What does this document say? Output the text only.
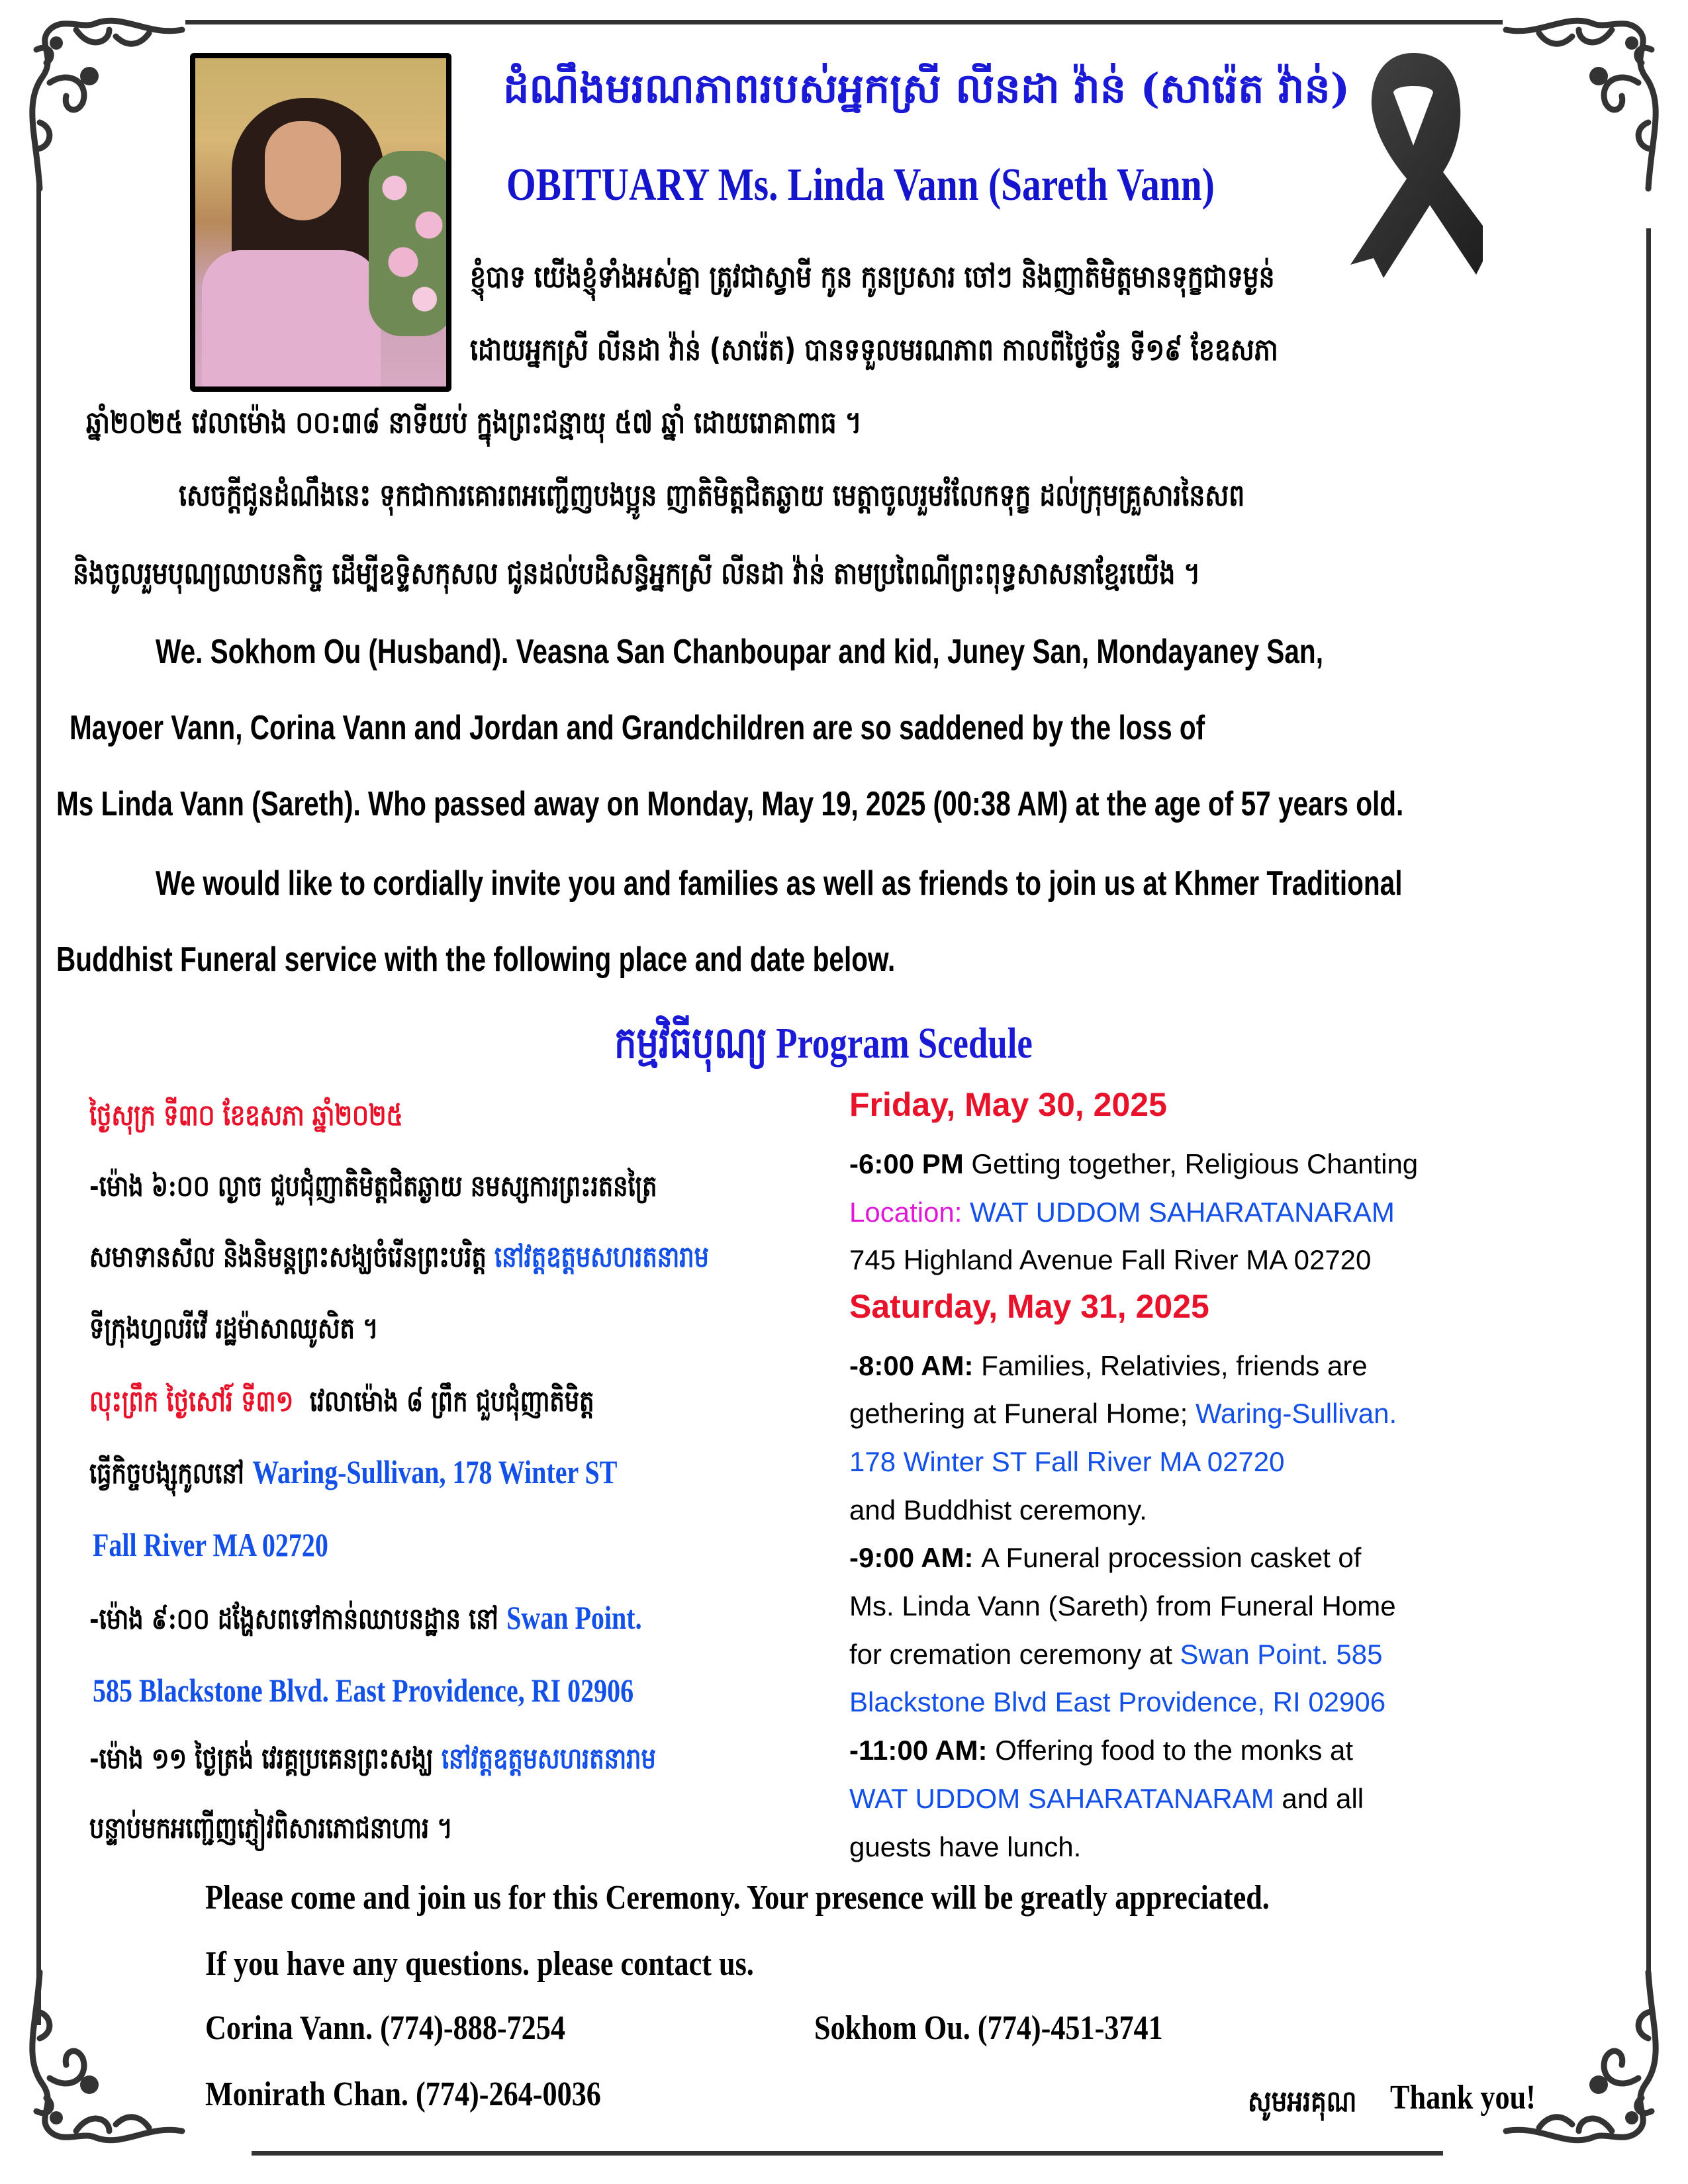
ដំណឹងមរណភាពរបស់អ្នកស្រី លីនដា វ៉ាន់ (សារ៉េត វ៉ាន់)
OBITUARY Ms. Linda Vann (Sareth Vann)
ខ្ញុំបាទ យើងខ្ញុំទាំងអស់គ្នា ត្រូវជាស្វាមី កូន កូនប្រសារ ចៅៗ និងញាតិមិត្តមានទុក្ខជាទម្ងន់
ដោយអ្នកស្រី លីនដា វ៉ាន់ (សារ៉េត) បានទទួលមរណភាព កាលពីថ្ងៃច័ន្ទ ទី១៩ ខែឧសភា
ឆ្នាំ២០២៥ វេលាម៉ោង ០០:៣៨ នាទីយប់ ក្នុងព្រះជន្មាយុ ៥៧ ឆ្នាំ ដោយរោគាពាធ ។
សេចក្តីជូនដំណឹងនេះ ទុកជាការគោរពអញ្ជើញបងប្អូន ញាតិមិត្តជិតឆ្ងាយ មេត្តាចូលរួមរំលែកទុក្ខ ដល់ក្រុមគ្រួសារនៃសព
និងចូលរួមបុណ្យឈាបនកិច្ច ដើម្បីឧទ្ទិសកុសល ជូនដល់បដិសន្ធិអ្នកស្រី លីនដា វ៉ាន់ តាមប្រពៃណីព្រះពុទ្ធសាសនាខ្មែរយើង ។
We. Sokhom Ou (Husband). Veasna San Chanboupar and kid, Juney San, Mondayaney San,
Mayoer Vann, Corina Vann and Jordan and Grandchildren are so saddened by the loss of
Ms Linda Vann (Sareth). Who passed away on Monday, May 19, 2025 (00:38 AM) at the age of 57 years old.
We would like to cordially invite you and families as well as friends to join us at Khmer Traditional
Buddhist Funeral service with the following place and date below.
កម្មវិធីបុណ្យ Program Scedule
ថ្ងៃសុក្រ ទី៣០ ខែឧសភា ឆ្នាំ២០២៥
-ម៉ោង ៦:០០ ល្ងាច ជួបជុំញាតិមិត្តជិតឆ្ងាយ នមស្សការព្រះរតនត្រៃ
សមាទានសីល និងនិមន្តព្រះសង្ឃចំរើនព្រះបរិត្ត នៅវត្តឧត្តមសហរតនារាម
ទីក្រុងហ្វលរីវើ រដ្ឋម៉ាសាឈូសិត ។
លុះព្រឹក ថ្ងៃសៅរ៍ ទី៣១ វេលាម៉ោង ៨ ព្រឹក ជួបជុំញាតិមិត្ត
ធ្វើកិច្ចបង្សុកូលនៅ Waring-Sullivan, 178 Winter ST
Fall River MA 02720
-ម៉ោង ៩:០០ ដង្ហែសពទៅកាន់ឈាបនដ្ឋាន នៅ Swan Point.
585 Blackstone Blvd. East Providence, RI 02906
-ម៉ោង ១១ ថ្ងៃត្រង់ វេរគ្គប្រគេនព្រះសង្ឃ នៅវត្តឧត្តមសហរតនារាម
បន្ទាប់មកអញ្ជើញភ្ញៀវពិសារភោជនាហារ ។
Friday, May 30, 2025
-6:00 PM Getting together, Religious Chanting
Location: WAT UDDOM SAHARATANARAM
745 Highland Avenue Fall River MA 02720
Saturday, May 31, 2025
-8:00 AM: Families, Relativies, friends are
gethering at Funeral Home; Waring-Sullivan.
178 Winter ST Fall River MA 02720
and Buddhist ceremony.
-9:00 AM: A Funeral procession casket of
Ms. Linda Vann (Sareth) from Funeral Home
for cremation ceremony at Swan Point. 585
Blackstone Blvd East Providence, RI 02906
-11:00 AM: Offering food to the monks at
WAT UDDOM SAHARATANARAM and all
guests have lunch.
Please come and join us for this Ceremony. Your presence will be greatly appreciated.
If you have any questions. please contact us.
Corina Vann. (774)-888-7254	Sokhom Ou. (774)-451-3741
Monirath Chan. (774)-264-0036	សូមអរគុណ Thank you!
